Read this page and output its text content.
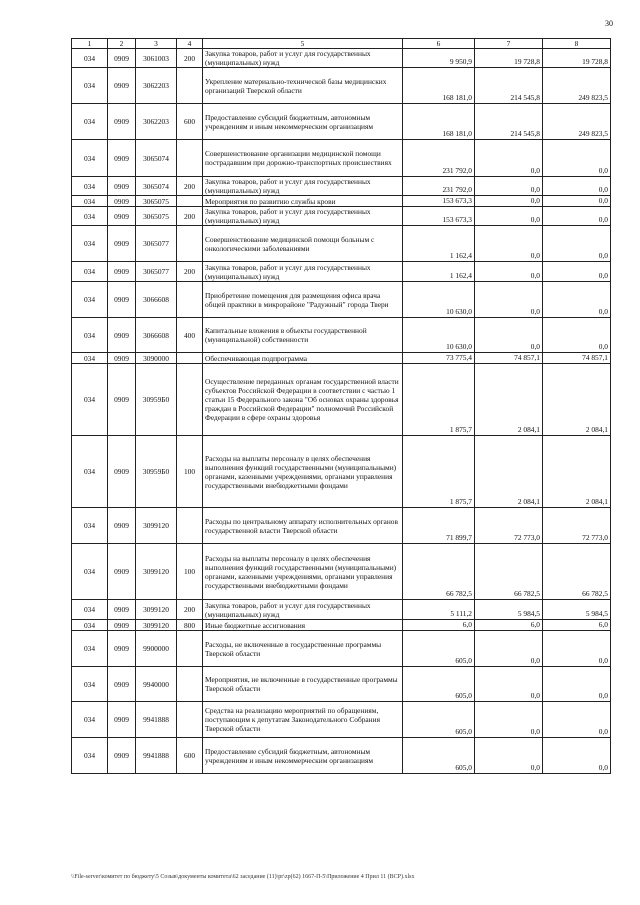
30
1	2	3	4	5	6	7	8
034	0909	3061003	200	Закупка товаров, работ и услуг для государственных (муниципальных) нужд	9 950,9	19 728,8	19 728,8
034	0909	3062203		Укрепление материально-технической базы медицинских организаций Тверской области	168 181,0	214 545,8	249 823,5
034	0909	3062203	600	Предоставление субсидий бюджетным, автономным учреждениям и иным некоммерческим организациям	168 181,0	214 545,8	249 823,5
034	0909	3065074		Совершенствование организации медицинской помощи пострадавшим при дорожно-транспортных происшествиях	231 792,0	0,0	0,0
034	0909	3065074	200	Закупка товаров, работ и услуг для государственных (муниципальных) нужд	231 792,0	0,0	0,0
034	0909	3065075		Мероприятия по развитию службы крови	153 673,3	0,0	0,0
034	0909	3065075	200	Закупка товаров, работ и услуг для государственных (муниципальных) нужд	153 673,3	0,0	0,0
034	0909	3065077		Совершенствование медицинской помощи больным с онкологическими заболеваниями	1 162,4	0,0	0,0
034	0909	3065077	200	Закупка товаров, работ и услуг для государственных (муниципальных) нужд	1 162,4	0,0	0,0
034	0909	3066608		Приобретение помещения для размещения офиса врача общей практики в микрорайоне "Радужный" города Твери	10 630,0	0,0	0,0
034	0909	3066608	400	Капитальные вложения в объекты государственной (муниципальной) собственности	10 630,0	0,0	0,0
034	0909	3090000		Обеспечивающая подпрограмма	73 775,4	74 857,1	74 857,1
034	0909	30959Б0		Осуществление переданных органам государственной власти субъектов Российской Федерации в соответствии с частью 1 статьи 15 Федерального закона "Об основах охраны здоровья граждан в Российской Федерации" полномочий Российской Федерации в сфере охраны здоровья	1 875,7	2 084,1	2 084,1
034	0909	30959Б0	100	Расходы на выплаты персоналу в целях обеспечения выполнения функций государственными (муниципальными) органами, казенными учреждениями, органами управления государственными внебюджетными фондами	1 875,7	2 084,1	2 084,1
034	0909	3099120		Расходы по центральному аппарату исполнительных органов государственной власти Тверской области	71 899,7	72 773,0	72 773,0
034	0909	3099120	100	Расходы на выплаты персоналу в целях обеспечения выполнения функций государственными (муниципальными) органами, казенными учреждениями, органами управления государственными внебюджетными фондами	66 782,5	66 782,5	66 782,5
034	0909	3099120	200	Закупка товаров, работ и услуг для государственных (муниципальных) нужд	5 111,2	5 984,5	5 984,5
034	0909	3099120	800	Иные бюджетные ассигнования	6,0	6,0	6,0
034	0909	9900000		Расходы, не включенные в государственные программы Тверской области	605,0	0,0	0,0
034	0909	9940000		Мероприятия, не включенные в государственные программы Тверской области	605,0	0,0	0,0
034	0909	9941888		Средства на реализацию мероприятий по обращениям, поступающим к депутатам Законодательного Собрания Тверской области	605,0	0,0	0,0
034	0909	9941888	600	Предоставление субсидий бюджетным, автономным учреждениям и иным некоммерческим организациям	605,0	0,0	0,0
\\File-server\комитет по бюджету\5 Созыв\документы комитета\62 заседание (11)\pr\zp(62) 1667-П-5\Приложение 4 Прил 11 (ВСР).xlsx
